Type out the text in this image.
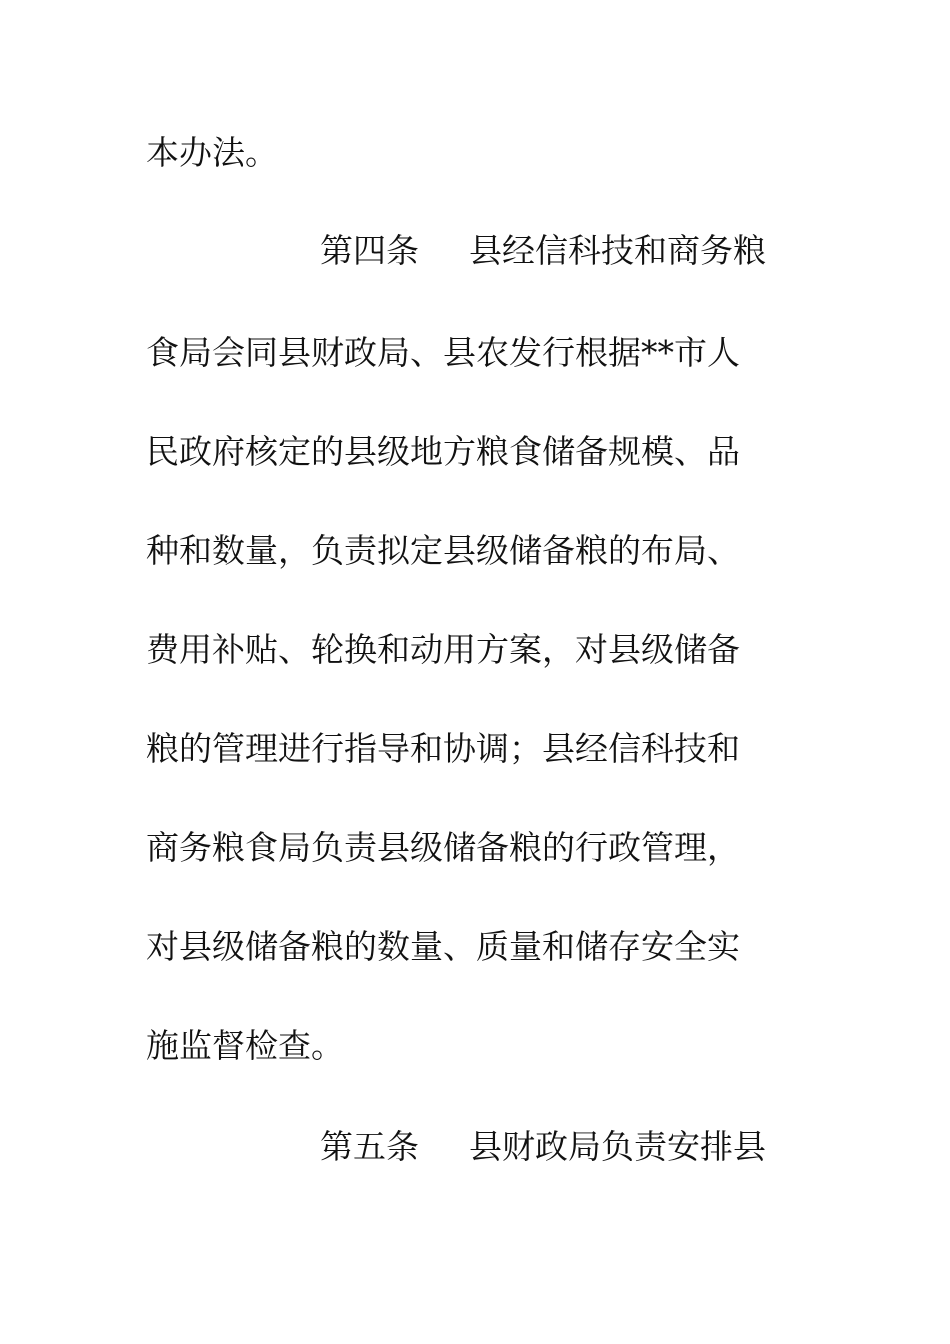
本办法。
第四条 县经信科技和商务粮
食局会同县财政局、县农发行根据**市人
民政府核定的县级地方粮食储备规模、品
种和数量，负责拟定县级储备粮的布局、
费用补贴、轮换和动用方案，对县级储备
粮的管理进行指导和协调；县经信科技和
商务粮食局负责县级储备粮的行政管理，
对县级储备粮的数量、质量和储存安全实
施监督检查。
第五条 县财政局负责安排县
